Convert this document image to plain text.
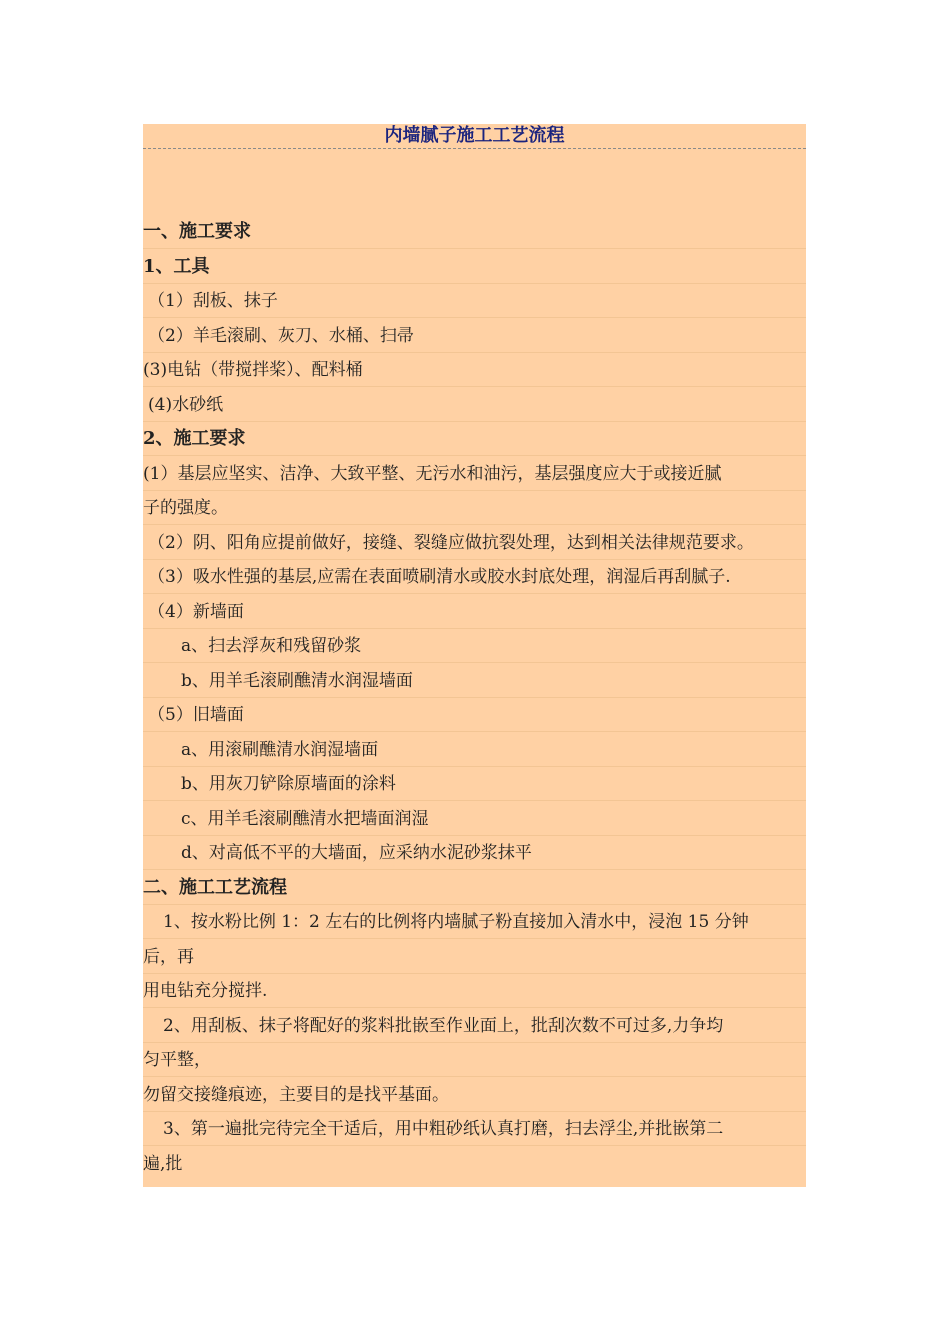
内墙腻子施工工艺流程
一、施工要求
1、工具
（1）刮板、抹子
（2）羊毛滚刷、灰刀、水桶、扫帚
(3)电钻（带搅拌桨）、配料桶
(4)水砂纸
2、施工要求
(1）基层应坚实、洁净、大致平整、无污水和油污，基层强度应大于或接近腻
子的强度。
（2）阴、阳角应提前做好，接缝、裂缝应做抗裂处理，达到相关法律规范要求。
（3）吸水性强的基层,应需在表面喷刷清水或胶水封底处理，润湿后再刮腻子.
（4）新墙面
a、扫去浮灰和残留砂浆
b、用羊毛滚刷醮清水润湿墙面
（5）旧墙面
a、用滚刷醮清水润湿墙面
b、用灰刀铲除原墙面的涂料
c、用羊毛滚刷醮清水把墙面润湿
d、对高低不平的大墙面，应采纳水泥砂浆抹平
二、施工工艺流程
1、按水粉比例 1：2 左右的比例将内墙腻子粉直接加入清水中，浸泡 15 分钟
后，再
用电钻充分搅拌.
2、用刮板、抹子将配好的浆料批嵌至作业面上，批刮次数不可过多,力争均
匀平整，
勿留交接缝痕迹，主要目的是找平基面。
3、第一遍批完待完全干适后，用中粗砂纸认真打磨，扫去浮尘,并批嵌第二
遍,批
